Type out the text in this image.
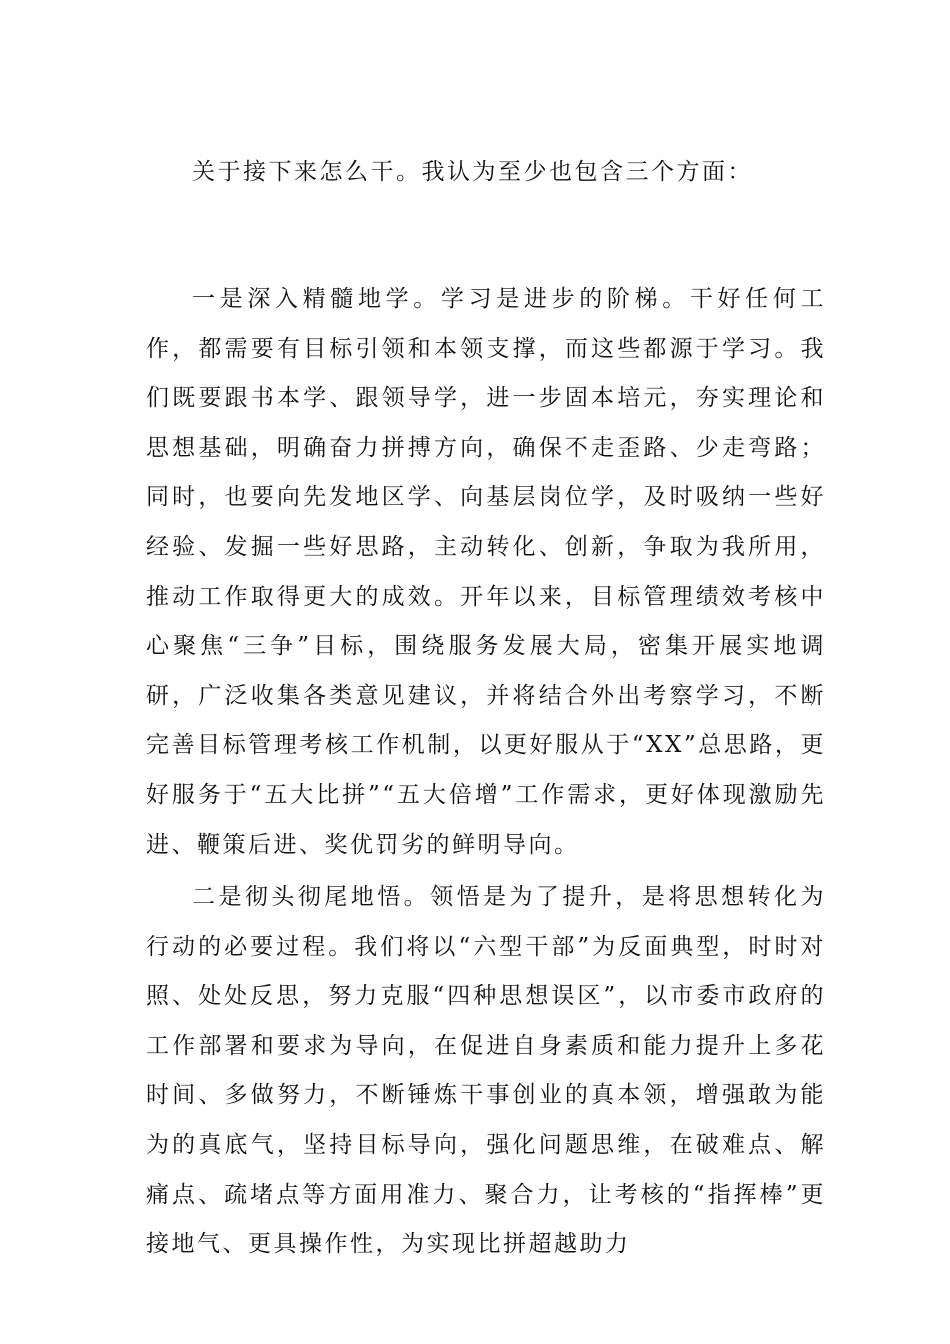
关于接下来怎么干。我认为至少也包含三个方面：

一是深入精髓地学。学习是进步的阶梯。干好任何工作，都需要有目标引领和本领支撑，而这些都源于学习。我们既要跟书本学、跟领导学，进一步固本培元，夯实理论和思想基础，明确奋力拼搏方向，确保不走歪路、少走弯路；同时，也要向先发地区学、向基层岗位学，及时吸纳一些好经验、发掘一些好思路，主动转化、创新，争取为我所用，推动工作取得更大的成效。开年以来，目标管理绩效考核中心聚焦“三争”目标，围绕服务发展大局，密集开展实地调研，广泛收集各类意见建议，并将结合外出考察学习，不断完善目标管理考核工作机制，以更好服从于“XX”总思路，更好服务于“五大比拼”“五大倍增”工作需求，更好体现激励先进、鞭策后进、奖优罚劣的鲜明导向。

二是彻头彻尾地悟。领悟是为了提升，是将思想转化为行动的必要过程。我们将以“六型干部”为反面典型，时时对照、处处反思，努力克服“四种思想误区”，以市委市政府的工作部署和要求为导向，在促进自身素质和能力提升上多花时间、多做努力，不断锤炼干事创业的真本领，增强敢为能为的真底气，坚持目标导向，强化问题思维，在破难点、解痛点、疏堵点等方面用准力、聚合力，让考核的“指挥棒”更接地气、更具操作性，为实现比拼超越助力
